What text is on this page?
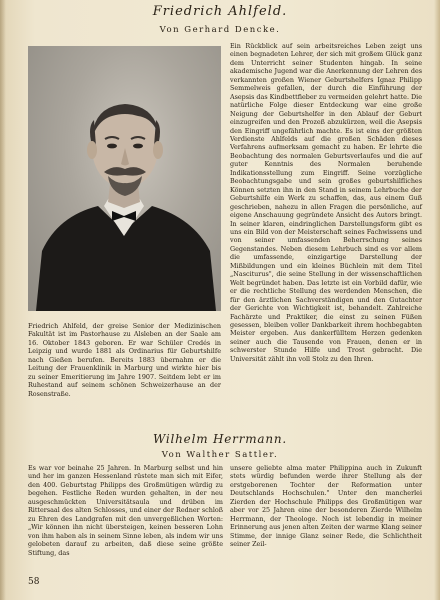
Friedrich Ahlfeld.
Von Gerhard Dencke.
Ein Rückblick auf sein arbeitsreiches Leben zeigt uns einen begnadeten Lehrer, der sich mit großem Glück ganz dem Unterricht seiner Studenten hingab. In seine akademische Jugend war die Anerkennung der Lehren des verkannten großen Wiener Geburtshelfers Ignaz Philipp Semmelweis gefallen, der durch die Einführung der Asepsis das Kindbettfieber zu vermeiden gelehrt hatte. Die natürliche Folge dieser Entdeckung war eine große Neigung der Geburtshelfer in den Ablauf der Geburt einzugreifen und den Prozeß abzukürzen, weil die Asepsis den Eingriff ungefährlich machte. Es ist eins der größten Verdienste Ahlfelds auf die großen Schäden dieses Verfahrens aufmerksam gemacht zu haben. Er lehrte die Beobachtung des normalen Geburtsverlaufes und die auf guter Kenntnis des Normalen beruhende Indikationsstellung zum Eingriff. Seine vorzügliche Beobachtungsgabe und sein großes geburtshilfliches Können setzten ihn in den Stand in seinem Lehrbuche der Geburtshilfe ein Werk zu schaffen, das, aus einem Guß geschrieben, nahezu in allen Fragen die persönliche, auf eigene Anschauung gegründete Ansicht des Autors bringt. In seiner klaren, eindringlichen Darstellungsform gibt es uns ein Bild von der Meisterschaft seines Fachwissens und von seiner umfassenden Beherrschung seines Gegenstandes. Neben diesem Lehrbuch sind es vor allem die umfassende, einzigartige Darstellung der Mißbildungen und ein kleines Büchlein mit dem Titel „Nasciturus", die seine Stellung in der wissenschaftlichen Welt begründet haben. Das letzte ist ein Vorbild dafür, wie er die rechtliche Stellung des werdenden Menschen, die für den ärztlichen Sachverständigen und den Gutachter der Gerichte von Wichtigkeit ist, behandelt. Zahlreiche Fachärzte und Praktiker, die einst zu seinen Füßen gesessen, bleiben voller Dankbarkeit ihrem hochbegabten Meister ergeben. Aus dankerfülltem Herzen gedenken seiner auch die Tausende von Frauen, denen er in schwerster Stunde Hilfe und Trost gebracht. Die Universität zählt ihn voll Stolz zu den Ihren.
Friedrich Ahlfeld, der greise Senior der Medizinischen Fakultät ist im Pastorhause zu Alsleben an der Saale am 16. Oktober 1843 geboren. Er war Schüler Credés in Leipzig und wurde 1881 als Ordinarius für Geburtshilfe nach Gießen berufen. Bereits 1883 übernahm er die Leitung der Frauenklinik in Marburg und wirkte hier bis zu seiner Emeritierung im Jahre 1907. Seitdem lebt er im Ruhestand auf seinem schönen Schweizerhause an der Rosenstraße.
Wilhelm Herrmann.
Von Walther Sattler.
Es war vor beinahe 25 Jahren. In Marburg selbst und hin und her im ganzen Hessenland rüstete man sich mit Eifer, den 400. Geburtstag Philipps des Großmütigen würdig zu begehen. Festliche Reden wurden gehalten, in der neu ausgeschmückten Universitätsaula und drüben im Rittersaal des alten Schlosses, und einer der Redner schloß zu Ehren des Landgrafen mit den unvergeßlichen Worten: „Wir können ihn nicht übersteigen, keinen besseren Lohn von ihm haben als in seinem Sinne leben, als indem wir uns gelobeten darauf zu arbeiten, daß diese seine größte Stiftung, das
unsere geliebte alma mater Philippina auch in Zukunft stets würdig befunden werde ihrer Stellung als der erstgeborenen Tochter der Reformation unter Deutschlands Hochschulen." Unter den mancherlei Zierden der Hochschule Philipps des Großmütigen war aber vor 25 Jahren eine der besonderen Zierde Wilhelm Herrmann, der Theologe. Noch ist lebendig in meiner Erinnerung aus jenen alten Zeiten der warme Klang seiner Stimme, der innige Glanz seiner Rede, die Schlichtheit seiner Zeil-
58
